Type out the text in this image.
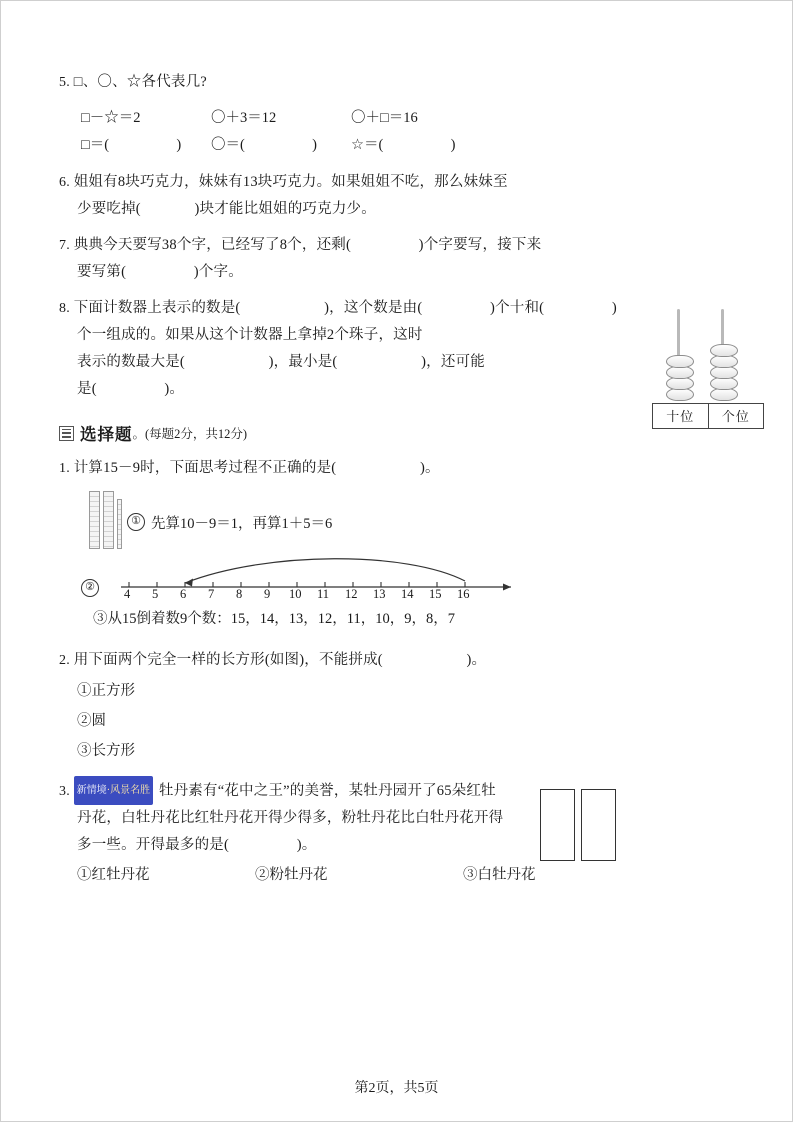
5. □、〇、☆各代表几?
□－☆＝2	〇＋3＝12	〇＋□＝16
□＝(	)	〇＝(	)	☆＝(	)
6. 姐姐有8块巧克力，妹妹有13块巧克力。如果姐姐不吃，那么妹妹至
少要吃掉(	)块才能比姐姐的巧克力少。
7. 典典今天要写38个字，已经写了8个，还剩(	)个字要写，接下来
要写第(	)个字。
8. 下面计数器上表示的数是(	)，这个数是由(	)个十和(	)
个一组成的。如果从这个计数器上拿掉2个珠子，这时
表示的数最大是(	)，最小是(	)，还可能
是(	)。
选择题 。(每题2分，共12分)
1. 计算15－9时，下面思考过程不正确的是(	)。
① 先算10－9＝1，再算1＋5＝6
②	4 5 6 7 8 9 10 11 12 13 14 15 16
③从15倒着数9个数：15，14，13，12，11，10，9，8，7
2. 用下面两个完全一样的长方形(如图)，不能拼成(	)。
①正方形
②圆
③长方形
3. 新情境·风景名胜 牡丹素有“花中之王”的美誉，某牡丹园开了65朵红牡
丹花，白牡丹花比红牡丹花开得少得多，粉牡丹花比白牡丹花开得
多一些。开得最多的是(	)。
①红牡丹花	②粉牡丹花	③白牡丹花
十位	个位
第2页，共5页
